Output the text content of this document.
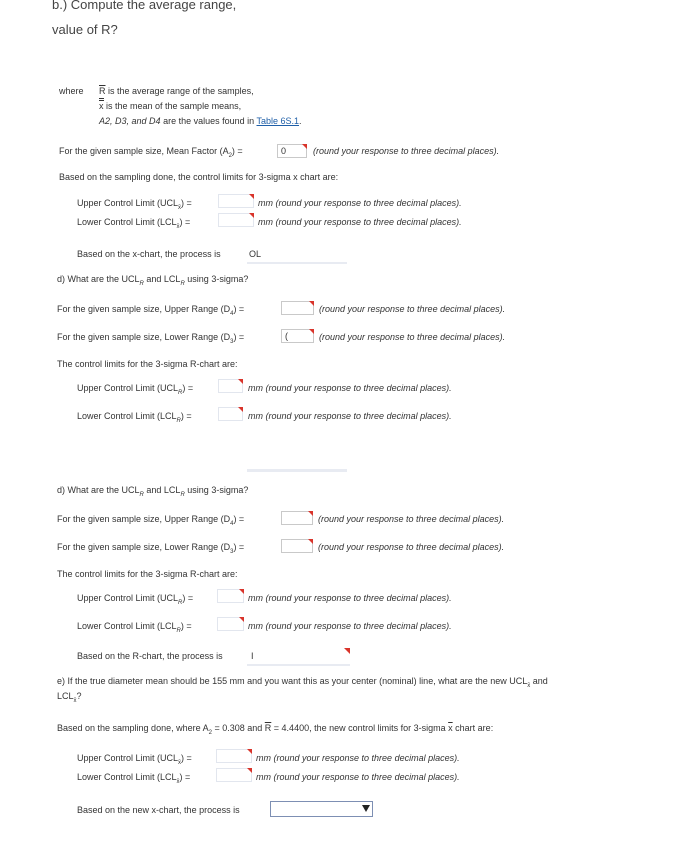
b.) Compute the average range,
value of R?
where $\overline{R}$ is the average range of the samples,
x is the mean of the sample means,
A2, D3, and D4 are the values found in Table 6S.1.
For the given sample size, Mean Factor $(A_2)$ =	0	(round your response to three decimal places).
Based on the sampling done, the control limits for 3-sigma x chart are:
Upper Control Limit $(UCL_{x̄})$ =	mm (round your response to three decimal places).
Lower Control Limit $(LCL_{x̄})$ =	mm (round your response to three decimal places).
Based on the x-chart, the process is	OL
d) What are the $UCL_R$ and $LCL_R$ using 3-sigma?
For the given sample size, Upper Range $(D_4)$ =	(round your response to three decimal places).
For the given sample size, Lower Range $(D_3)$ =	(	(round your response to three decimal places).
The control limits for the 3-sigma R-chart are:
Upper Control Limit $(UCL_R)$ =	mm (round your response to three decimal places).
Lower Control Limit $(LCL_R)$ =	mm (round your response to three decimal places).
d) What are the $UCL_R$ and $LCL_R$ using 3-sigma?
For the given sample size, Upper Range $(D_4)$ =	(round your response to three decimal places).
For the given sample size, Lower Range $(D_3)$ =	(round your response to three decimal places).
The control limits for the 3-sigma R-chart are:
Upper Control Limit $(UCL_R)$ =	mm (round your response to three decimal places).
Lower Control Limit $(LCL_R)$ =	mm (round your response to three decimal places).
Based on the R-chart, the process is	I
e) If the true diameter mean should be 155 mm and you want this as your center (nominal) line, what are the new $UCL_{x̄}$ and
$LCL_{x̄}$?
Based on the sampling done, where $A_2 = 0.308$ and $\overline{R} = 4.4400$, the new control limits for 3-sigma $\overline{x}$ chart are:
Upper Control Limit $(UCL_{x̄})$ =	mm (round your response to three decimal places).
Lower Control Limit $(LCL_{x̄})$ =	mm (round your response to three decimal places).
Based on the new x-chart, the process is
